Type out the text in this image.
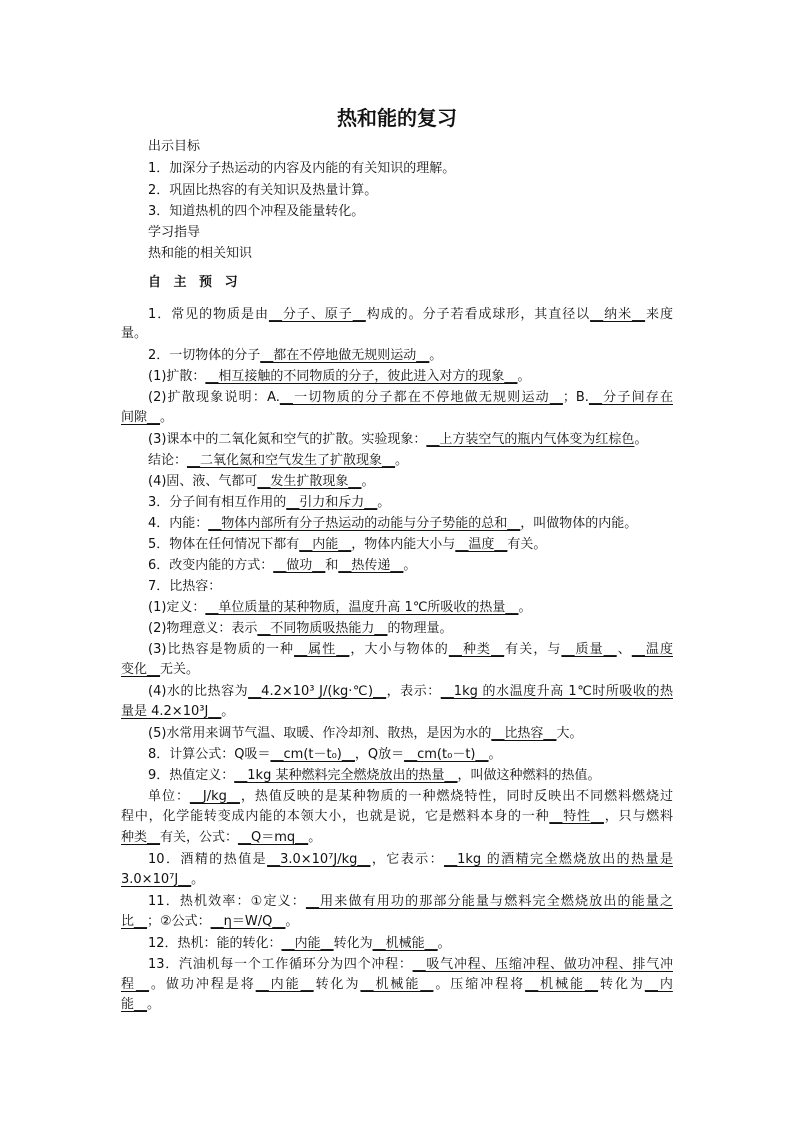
热和能的复习
出示目标
1．加深分子热运动的内容及内能的有关知识的理解。
2．巩固比热容的有关知识及热量计算。
3．知道热机的四个冲程及能量转化。
学习指导
热和能的相关知识
自 主 预 习
1．常见的物质是由__分子、原子__构成的。分子若看成球形，其直径以__纳米__来度
量。
2．一切物体的分子__都在不停地做无规则运动__。
(1)扩散：__相互接触的不同物质的分子，彼此进入对方的现象__。
(2)扩散现象说明：A.__一切物质的分子都在不停地做无规则运动__；B.__分子间存在
间隙__。
(3)课本中的二氧化氮和空气的扩散。实验现象：__上方装空气的瓶内气体变为红棕色。
结论：__二氧化氮和空气发生了扩散现象__。
(4)固、液、气都可__发生扩散现象__。
3．分子间有相互作用的__引力和斥力__。
4．内能：__物体内部所有分子热运动的动能与分子势能的总和__，叫做物体的内能。
5．物体在任何情况下都有__内能__，物体内能大小与__温度__有关。
6．改变内能的方式：__做功__和__热传递__。
7．比热容：
(1)定义：__单位质量的某种物质，温度升高 1℃所吸收的热量__。
(2)物理意义：表示__不同物质吸热能力__的物理量。
(3)比热容是物质的一种__属性__，大小与物体的__种类__有关，与__质量__、__温度
变化__无关。
(4)水的比热容为__4.2×10³ J/(kg·℃)__，表示：__1kg 的水温度升高 1℃时所吸收的热
量是 4.2×10³J__。
(5)水常用来调节气温、取暖、作冷却剂、散热，是因为水的__比热容__大。
8．计算公式：Q吸＝__cm(t－t₀)__，Q放＝__cm(t₀－t)__。
9．热值定义：__1kg 某种燃料完全燃烧放出的热量__，叫做这种燃料的热值。
单位：__J/kg__，热值反映的是某种物质的一种燃烧特性，同时反映出不同燃料燃烧过
程中，化学能转变成内能的本领大小，也就是说，它是燃料本身的一种__特性__，只与燃料
种类__有关，公式：__Q＝mq__。
10．酒精的热值是__3.0×10⁷J/kg__，它表示：__1kg 的酒精完全燃烧放出的热量是
3.0×10⁷J__。
11．热机效率：①定义：__用来做有用功的那部分能量与燃料完全燃烧放出的能量之
比__；②公式：__η＝W/Q__。
12．热机：能的转化：__内能__转化为__机械能__。
13．汽油机每一个工作循环分为四个冲程：__吸气冲程、压缩冲程、做功冲程、排气冲
程__。做功冲程是将__内能__转化为__机械能__。压缩冲程将__机械能__转化为__内
能__。
